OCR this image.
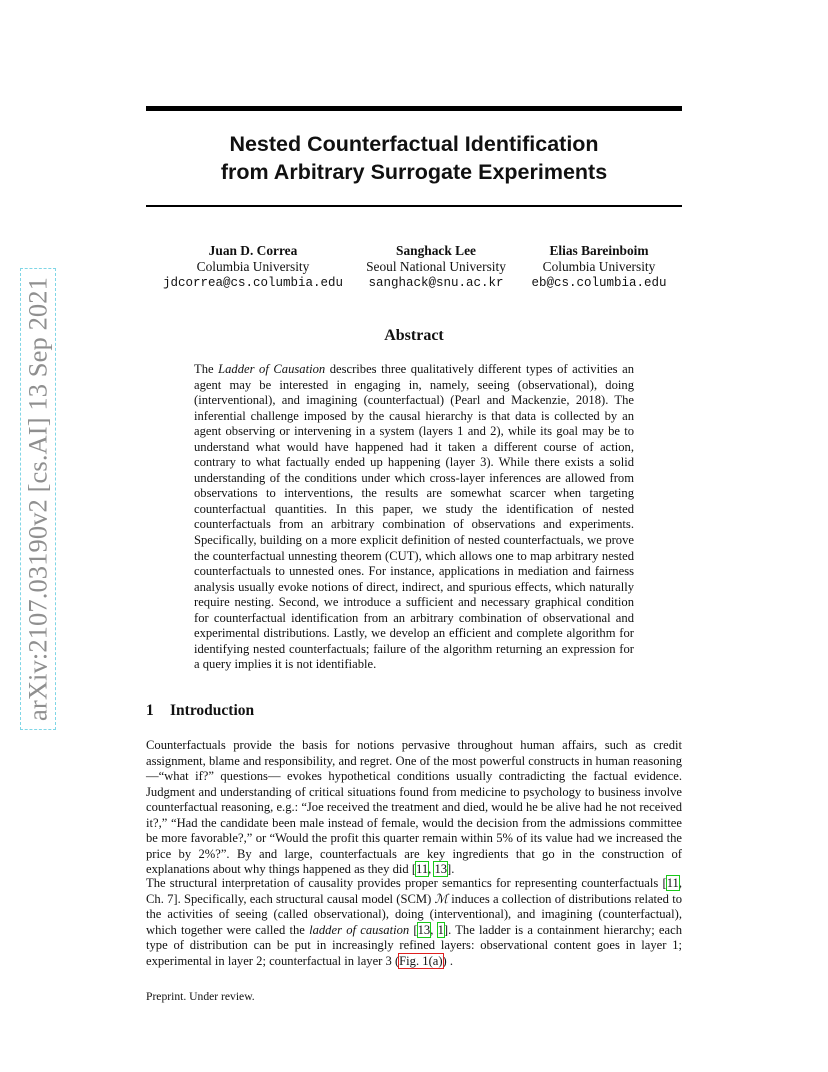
arXiv:2107.03190v2 [cs.AI] 13 Sep 2021
Nested Counterfactual Identification
from Arbitrary Surrogate Experiments
Juan D. Correa
Columbia University
jdcorrea@cs.columbia.edu
Sanghack Lee
Seoul National University
sanghack@snu.ac.kr
Elias Bareinboim
Columbia University
eb@cs.columbia.edu
Abstract

The Ladder of Causation describes three qualitatively different types of activities an agent may be interested in engaging in, namely, seeing (observational), doing (interventional), and imagining (counterfactual) (Pearl and Mackenzie, 2018). The inferential challenge imposed by the causal hierarchy is that data is collected by an agent observing or intervening in a system (layers 1 and 2), while its goal may be to understand what would have happened had it taken a different course of action, contrary to what factually ended up happening (layer 3). While there exists a solid understanding of the conditions under which cross-layer inferences are allowed from observations to interventions, the results are somewhat scarcer when targeting counterfactual quantities. In this paper, we study the identification of nested counterfactuals from an arbitrary combination of observations and experiments. Specifically, building on a more explicit definition of nested counterfactuals, we prove the counterfactual unnesting theorem (CUT), which allows one to map arbitrary nested counterfactuals to unnested ones. For instance, applications in mediation and fairness analysis usually evoke notions of direct, indirect, and spurious effects, which naturally require nesting. Second, we introduce a sufficient and necessary graphical condition for counterfactual identification from an arbitrary combination of observational and experimental distributions. Lastly, we develop an efficient and complete algorithm for identifying nested counterfactuals; failure of the algorithm returning an expression for a query implies it is not identifiable.

1 Introduction

Counterfactuals provide the basis for notions pervasive throughout human affairs, such as credit assignment, blame and responsibility, and regret. One of the most powerful constructs in human reasoning —“what if?” questions— evokes hypothetical conditions usually contradicting the factual evidence. Judgment and understanding of critical situations found from medicine to psychology to business involve counterfactual reasoning, e.g.: “Joe received the treatment and died, would he be alive had he not received it?,” “Had the candidate been male instead of female, would the decision from the admissions committee be more favorable?,” or “Would the profit this quarter remain within 5% of its value had we increased the price by 2%?”. By and large, counterfactuals are key ingredients that go in the construction of explanations about why things happened as they did [11, 13].

The structural interpretation of causality provides proper semantics for representing counterfactuals [11, Ch. 7]. Specifically, each structural causal model (SCM) ℳ induces a collection of distributions related to the activities of seeing (called observational), doing (interventional), and imagining (counterfactual), which together were called the ladder of causation [13, 1]. The ladder is a containment hierarchy; each type of distribution can be put in increasingly refined layers: observational content goes in layer 1; experimental in layer 2; counterfactual in layer 3 (Fig. 1(a)) .

Preprint. Under review.
